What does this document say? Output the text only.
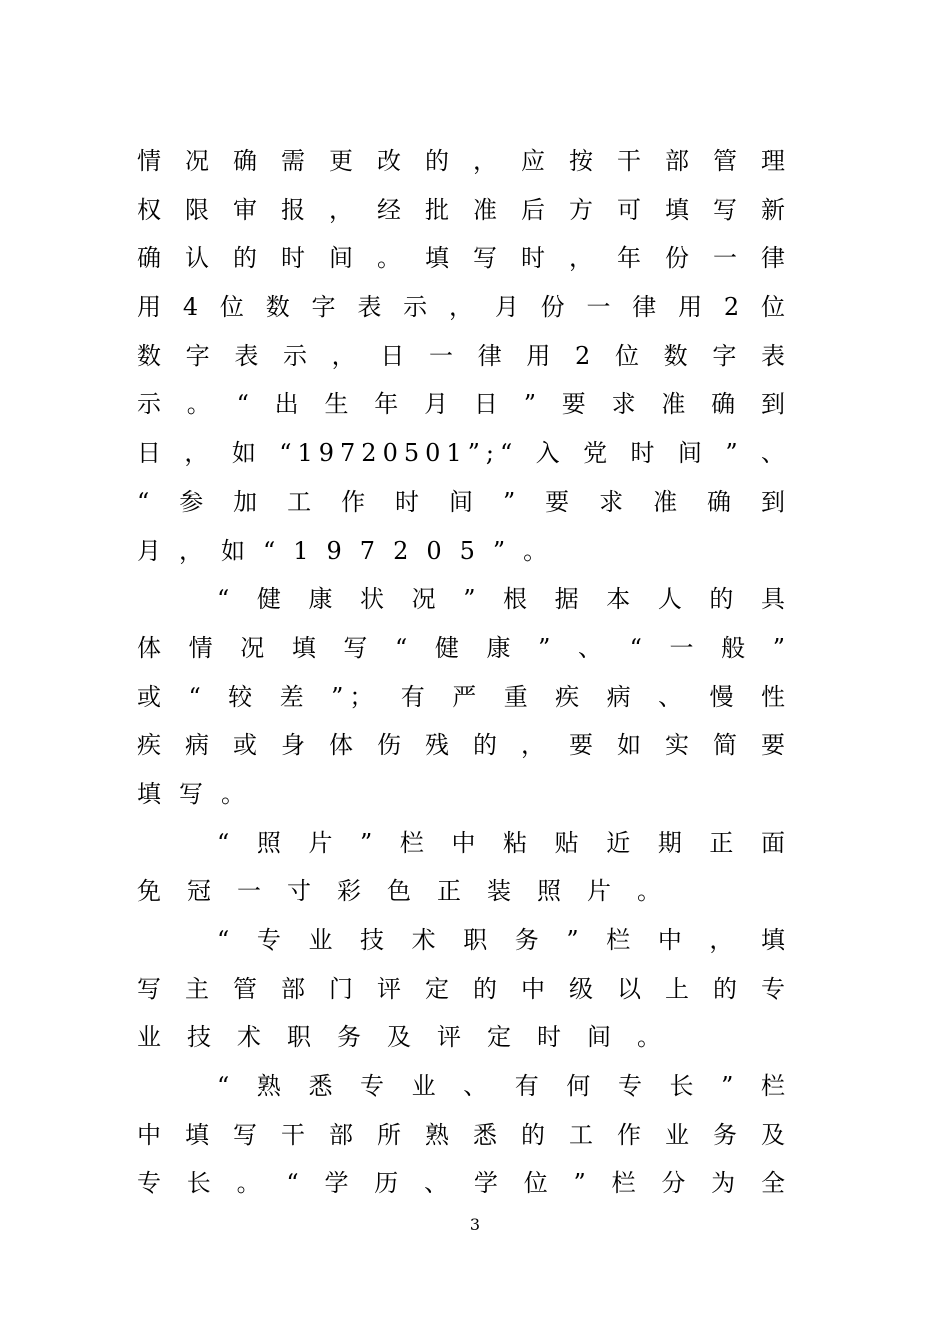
情况确需更改的，应按干部管理
权限审报，经批准后方可填写新
确认的时间。填写时，年份一律
用4位数字表示，月份一律用2位
数字表示，日一律用2位数字表
示。“出生年月日”要求准确到
日，如“19720501”;“入党时间”、
“参加工作时间”要求准确到
月，如“197205”。
“健康状况”根据本人的具
体情况填写“健康”、“一般”
或“较差”；有严重疾病、慢性
疾病或身体伤残的，要如实简要
填写。
“照片”栏中粘贴近期正面
免冠一寸彩色正装照片。
“专业技术职务”栏中，填
写主管部门评定的中级以上的专
业技术职务及评定时间。
“熟悉专业、有何专长”栏
中填写干部所熟悉的工作业务及
专长。“学历、学位”栏分为全
3
